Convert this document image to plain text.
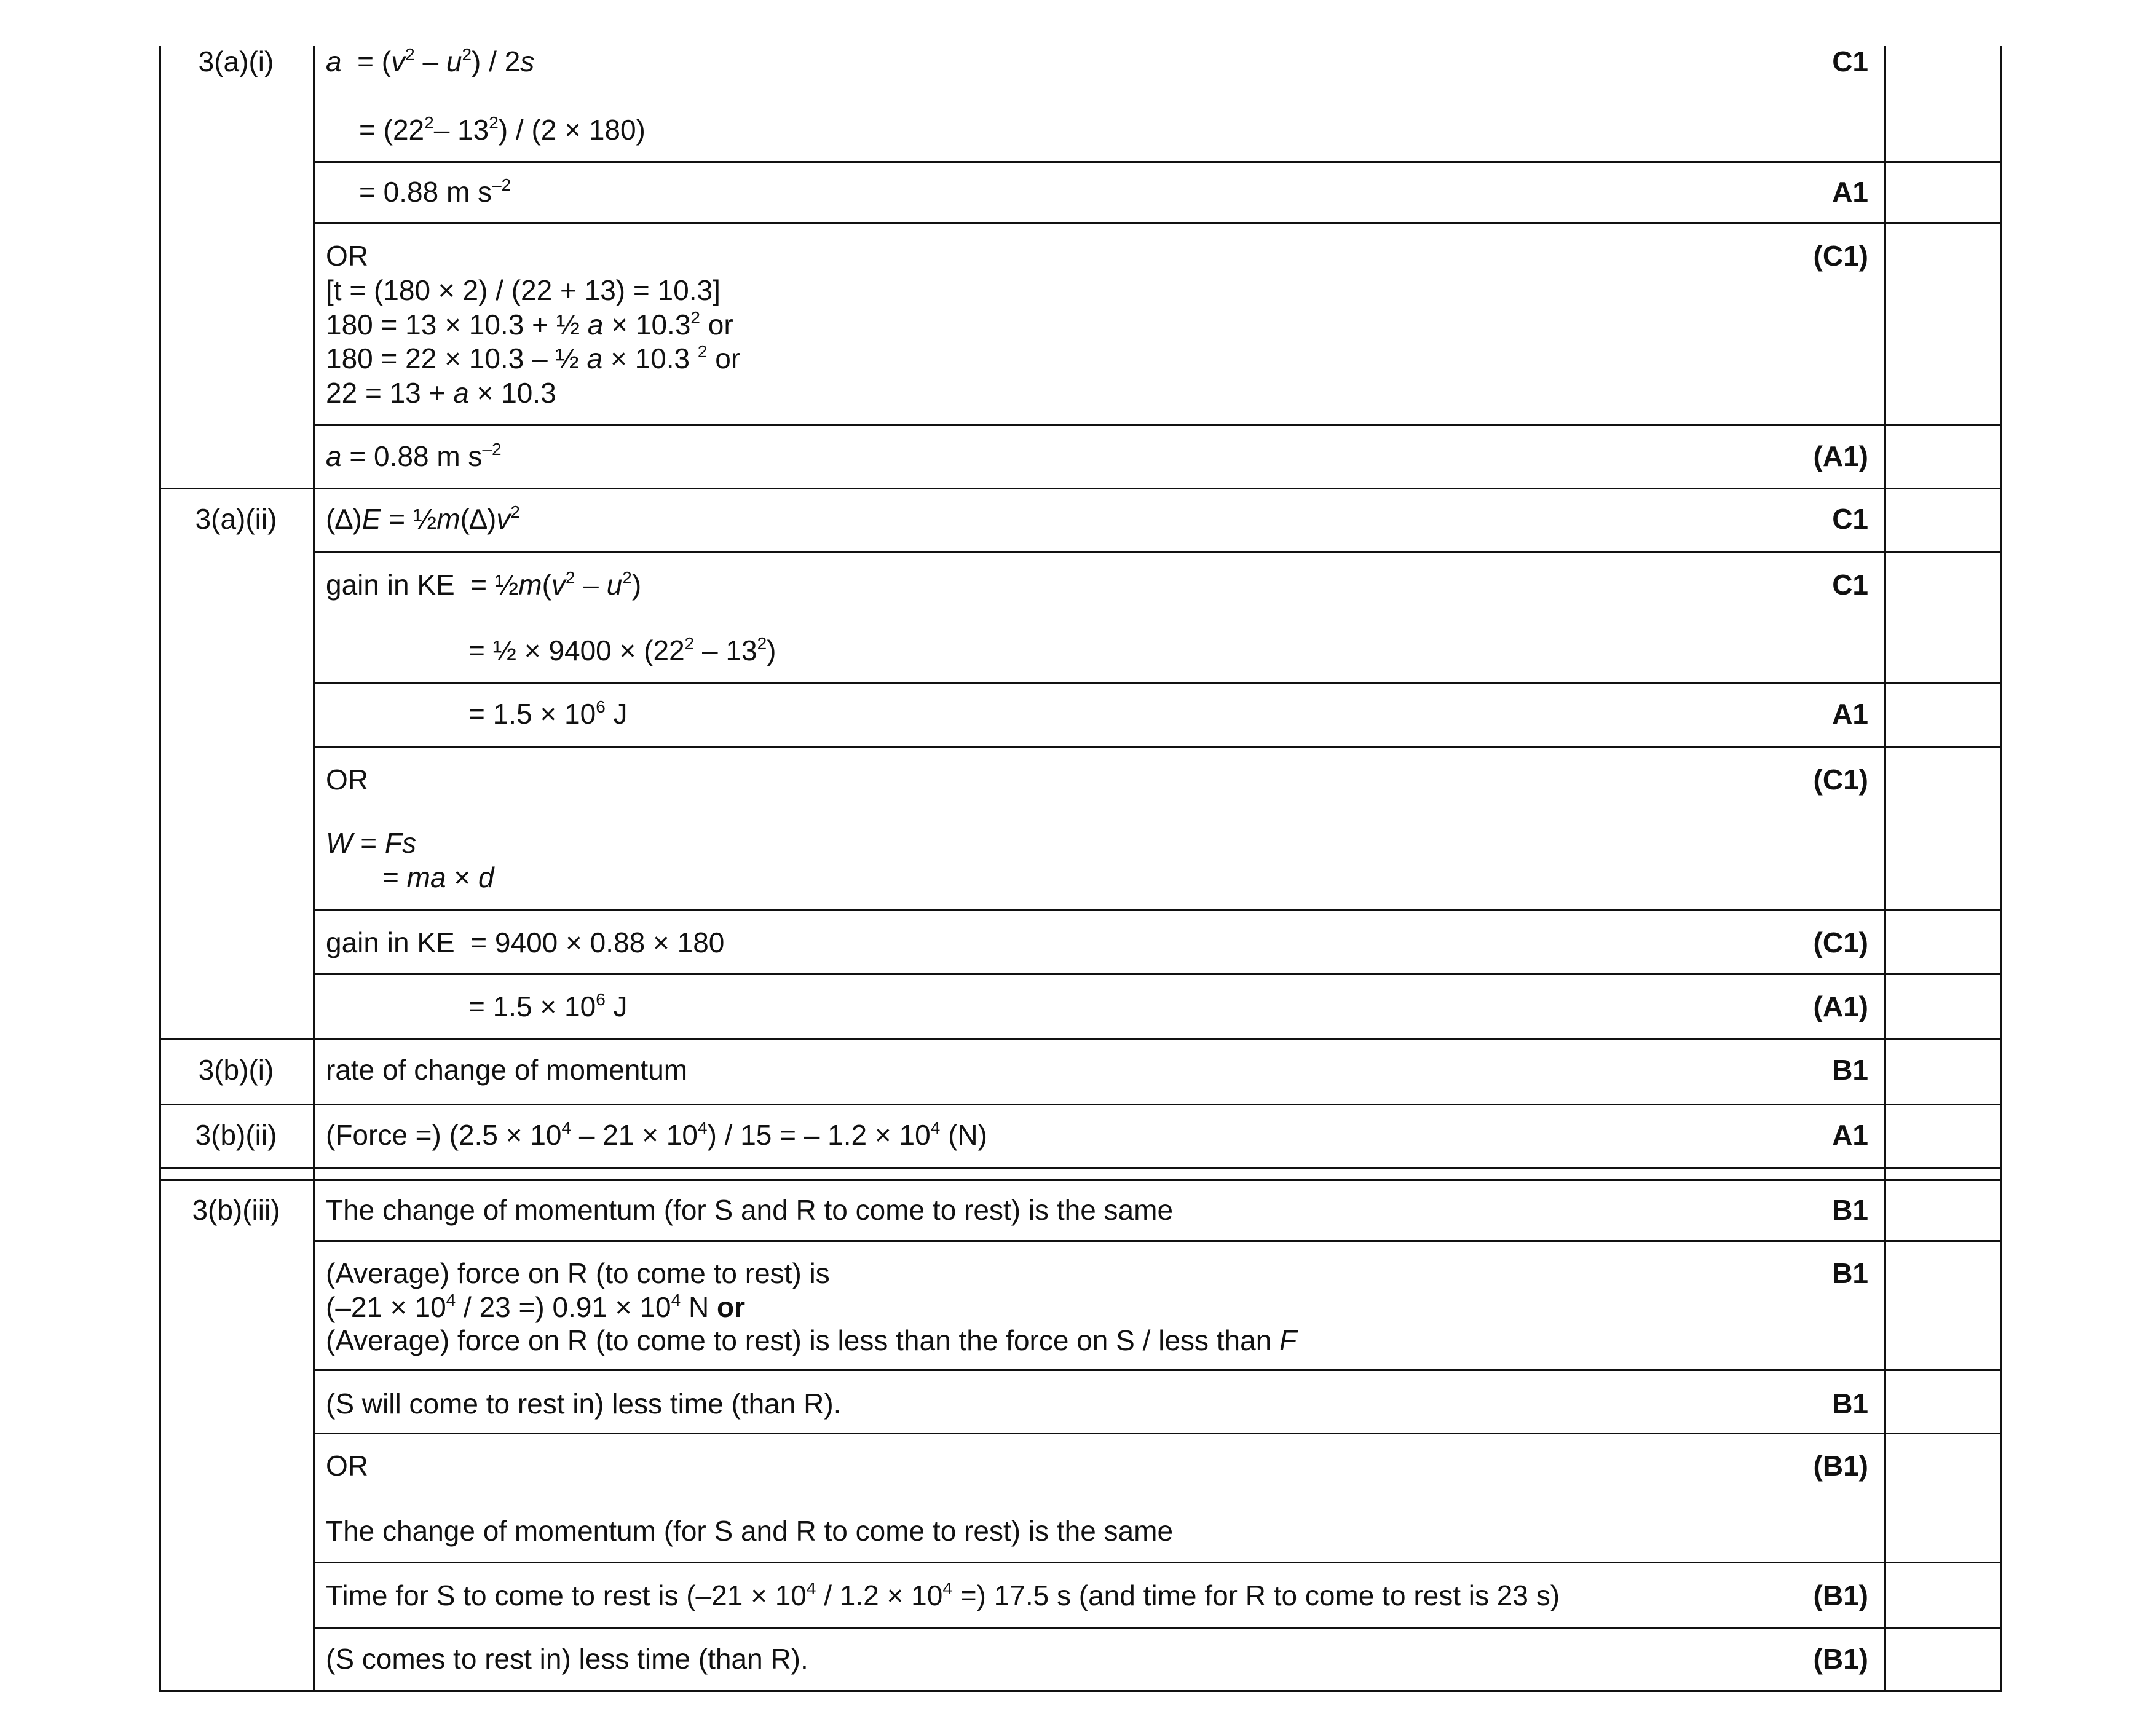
3(a)(i)
3(a)(ii)
3(b)(i)
3(b)(ii)
3(b)(iii)
C1
A1
(C1)
(A1)
C1
C1
A1
(C1)
(C1)
(A1)
B1
A1
B1
B1
B1
(B1)
(B1)
(B1)
$a = (v^2 - u^2) / 2s$
= ($22^2-$ $13^2) / (2 \times 180)$
= 0.88 m $s^{-2}$
OR
[t = (180 × 2) / (22 + 13) = 10.3]
180 = 13 × 10.3 + ½ $a \times 10.3^2$ or
180 = 22 × 10.3 – ½ a × 10.3 $^2$ or
22 = 13 + a × 10.3
a = 0.88 m $s^{-2}$
$(\Delta)E = \frac{1}{2}m(\Delta)v^2$
gain in KE  = $\frac{1}{2}m(v^2 - u^2)$
= ½ × $9400 \times (22^2 - 13^2)$
= $1.5 \times 10^6$ J
OR
W = Fs
= ma × d
gain in KE  = 9400 × 0.88 × 180
= $1.5 \times 10^6$ J
rate of change of momentum
(Force =) $(2.5 \times 10^4 - 21 \times 10^4) / 15$ = – $1.2 \times 10^4$ (N)
The change of momentum (for S and R to come to rest) is the same
(Average) force on R (to come to rest) is
($-21 \times 10^4 / 23$ =) $0.91 \times 10^4$ N or
(Average) force on R (to come to rest) is less than the force on S / less than F
(S will come to rest in) less time (than R).
OR
The change of momentum (for S and R to come to rest) is the same
Time for S to come to rest is ($-21 \times 10^4 / 1.2 \times 10^4$ =) 17.5 s (and time for R to come to rest is 23 s)
(S comes to rest in) less time (than R).
